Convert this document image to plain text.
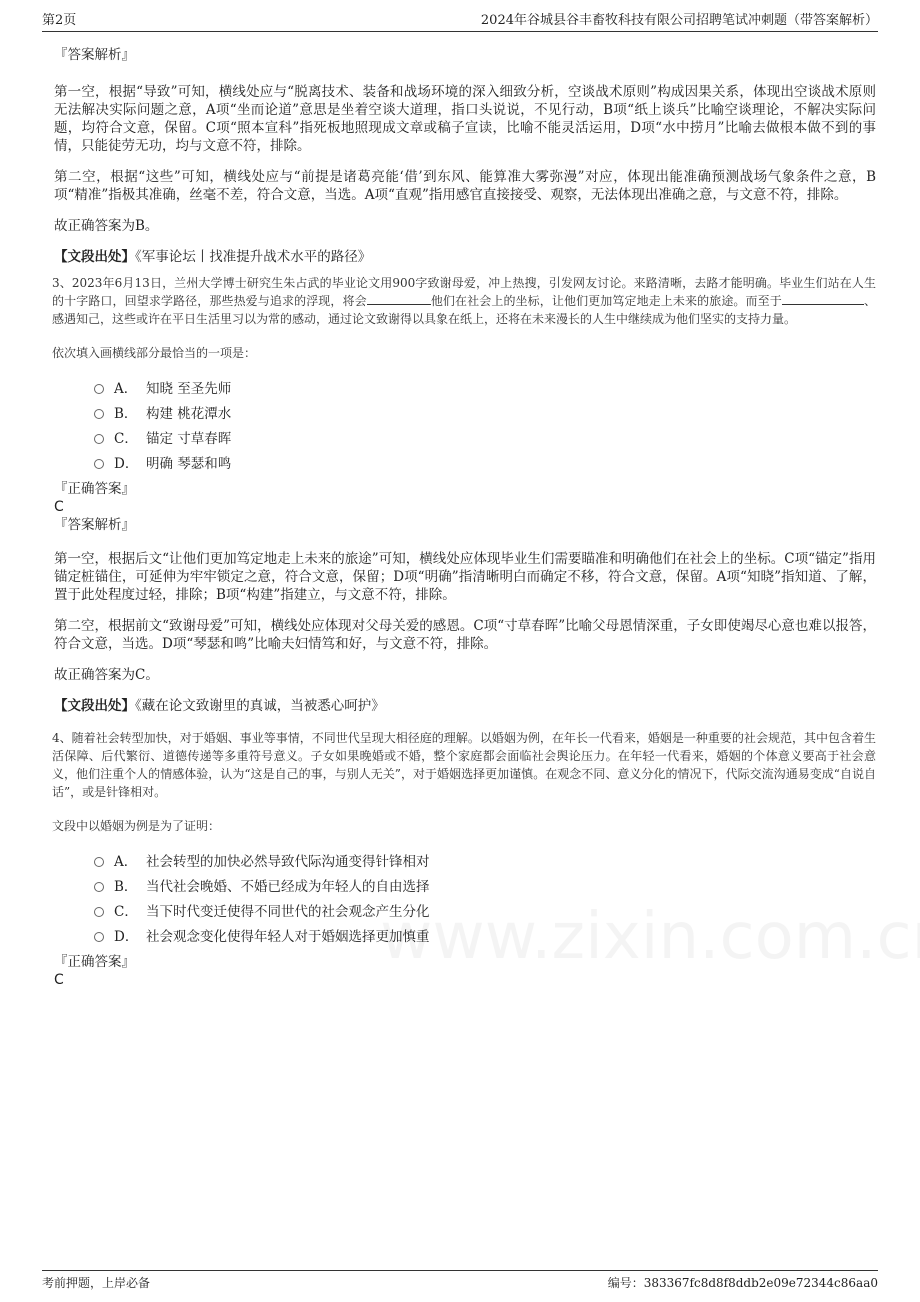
第2页	2024年谷城县谷丰畜牧科技有限公司招聘笔试冲刺题（带答案解析）

『答案解析』

第一空，根据“导致”可知，横线处应与“脱离技术、装备和战场环境的深入细致分析，空谈战术原则”构成因果关系，体现出空谈战术原则无法解决实际问题之意，A项“坐而论道”意思是坐着空谈大道理，指口头说说，不见行动，B项“纸上谈兵”比喻空谈理论，不解决实际问题，均符合文意，保留。C项“照本宣科”指死板地照现成文章或稿子宣读，比喻不能灵活运用，D项“水中捞月”比喻去做根本做不到的事情，只能徒劳无功，均与文意不符，排除。

第二空，根据“这些”可知，横线处应与“前提是诸葛亮能‘借’到东风、能算准大雾弥漫”对应，体现出能准确预测战场气象条件之意，B项“精准”指极其准确，丝毫不差，符合文意，当选。A项“直观”指用感官直接接受、观察，无法体现出准确之意，与文意不符，排除。

故正确答案为B。

【文段出处】《军事论坛丨找准提升战术水平的路径》

3、2023年6月13日，兰州大学博士研究生朱占武的毕业论文用900字致谢母爱，冲上热搜，引发网友讨论。来路清晰，去路才能明确。毕业生们站在人生的十字路口，回望求学路径，那些热爱与追求的浮现，将会	他们在社会上的坐标，让他们更加笃定地走上未来的旅途。而至于	、感遇知己，这些或许在平日生活里习以为常的感动，通过论文致谢得以具象在纸上，还将在未来漫长的人生中继续成为他们坚实的支持力量。

依次填入画横线部分最恰当的一项是：

A． 知晓 至圣先师
B． 构建 桃花潭水
C． 锚定 寸草春晖
D． 明确 琴瑟和鸣

『正确答案』

C

『答案解析』

第一空，根据后文“让他们更加笃定地走上未来的旅途”可知，横线处应体现毕业生们需要瞄准和明确他们在社会上的坐标。C项“锚定”指用锚定桩锚住，可延伸为牢牢锁定之意，符合文意，保留；D项“明确”指清晰明白而确定不移，符合文意，保留。A项“知晓”指知道、了解，置于此处程度过轻，排除；B项“构建”指建立，与文意不符，排除。

第二空，根据前文“致谢母爱”可知，横线处应体现对父母关爱的感恩。C项“寸草春晖”比喻父母恩情深重，子女即使竭尽心意也难以报答，符合文意，当选。D项“琴瑟和鸣”比喻夫妇情笃和好，与文意不符，排除。

故正确答案为C。

【文段出处】《藏在论文致谢里的真诚，当被悉心呵护》

4、随着社会转型加快，对于婚姻、事业等事情，不同世代呈现大相径庭的理解。以婚姻为例，在年长一代看来，婚姻是一种重要的社会规范，其中包含着生活保障、后代繁衍、道德传递等多重符号意义。子女如果晚婚或不婚，整个家庭都会面临社会舆论压力。在年轻一代看来，婚姻的个体意义要高于社会意义，他们注重个人的情感体验，认为“这是自己的事，与别人无关”，对于婚姻选择更加谨慎。在观念不同、意义分化的情况下，代际交流沟通易变成“自说自话”，或是针锋相对。

文段中以婚姻为例是为了证明：

A． 社会转型的加快必然导致代际沟通变得针锋相对
B． 当代社会晚婚、不婚已经成为年轻人的自由选择
C． 当下时代变迁使得不同世代的社会观念产生分化
D． 社会观念变化使得年轻人对于婚姻选择更加慎重

『正确答案』

C

考前押题，上岸必备	编号：383367fc8d8f8ddb2e09e72344c86aa0
